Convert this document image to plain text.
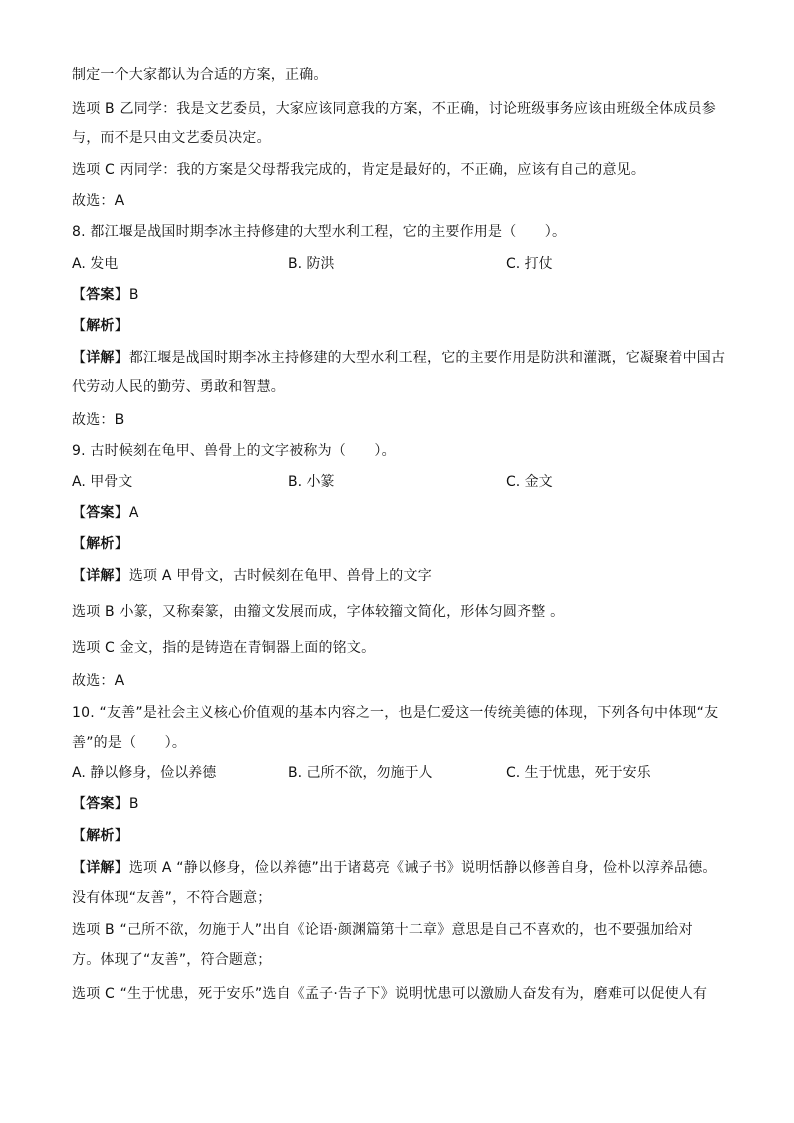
制定一个大家都认为合适的方案，正确。
选项 B 乙同学：我是文艺委员，大家应该同意我的方案，不正确，讨论班级事务应该由班级全体成员参
与，而不是只由文艺委员决定。
选项 C 丙同学：我的方案是父母帮我完成的，肯定是最好的，不正确，应该有自己的意见。
故选：A
8. 都江堰是战国时期李冰主持修建的大型水利工程，它的主要作用是（　　）。
A. 发电	B. 防洪	C. 打仗
【答案】B
【解析】
【详解】都江堰是战国时期李冰主持修建的大型水利工程，它的主要作用是防洪和灌溉，它凝聚着中国古
代劳动人民的勤劳、勇敢和智慧。
故选：B
9. 古时候刻在龟甲、兽骨上的文字被称为（　　）。
A. 甲骨文	B. 小篆	C. 金文
【答案】A
【解析】
【详解】选项 A 甲骨文，古时候刻在龟甲、兽骨上的文字
选项 B 小篆，又称秦篆，由籀文发展而成，字体较籀文简化，形体匀圆齐整 。
选项 C 金文，指的是铸造在青铜器上面的铭文。
故选：A
10. “友善”是社会主义核心价值观的基本内容之一，也是仁爱这一传统美德的体现，下列各句中体现“友
善”的是（　　）。
A. 静以修身，俭以养德	B. 己所不欲，勿施于人	C. 生于忧患，死于安乐
【答案】B
【解析】
【详解】选项 A “静以修身，俭以养德”出于诸葛亮《诫子书》说明恬静以修善自身，俭朴以淳养品德。
没有体现“友善”，不符合题意；
选项 B “己所不欲，勿施于人”出自《论语·颜渊篇第十二章》意思是自己不喜欢的，也不要强加给对
方。体现了“友善”，符合题意；
选项 C “生于忧患，死于安乐”选自《孟子·告子下》说明忧患可以激励人奋发有为，磨难可以促使人有
